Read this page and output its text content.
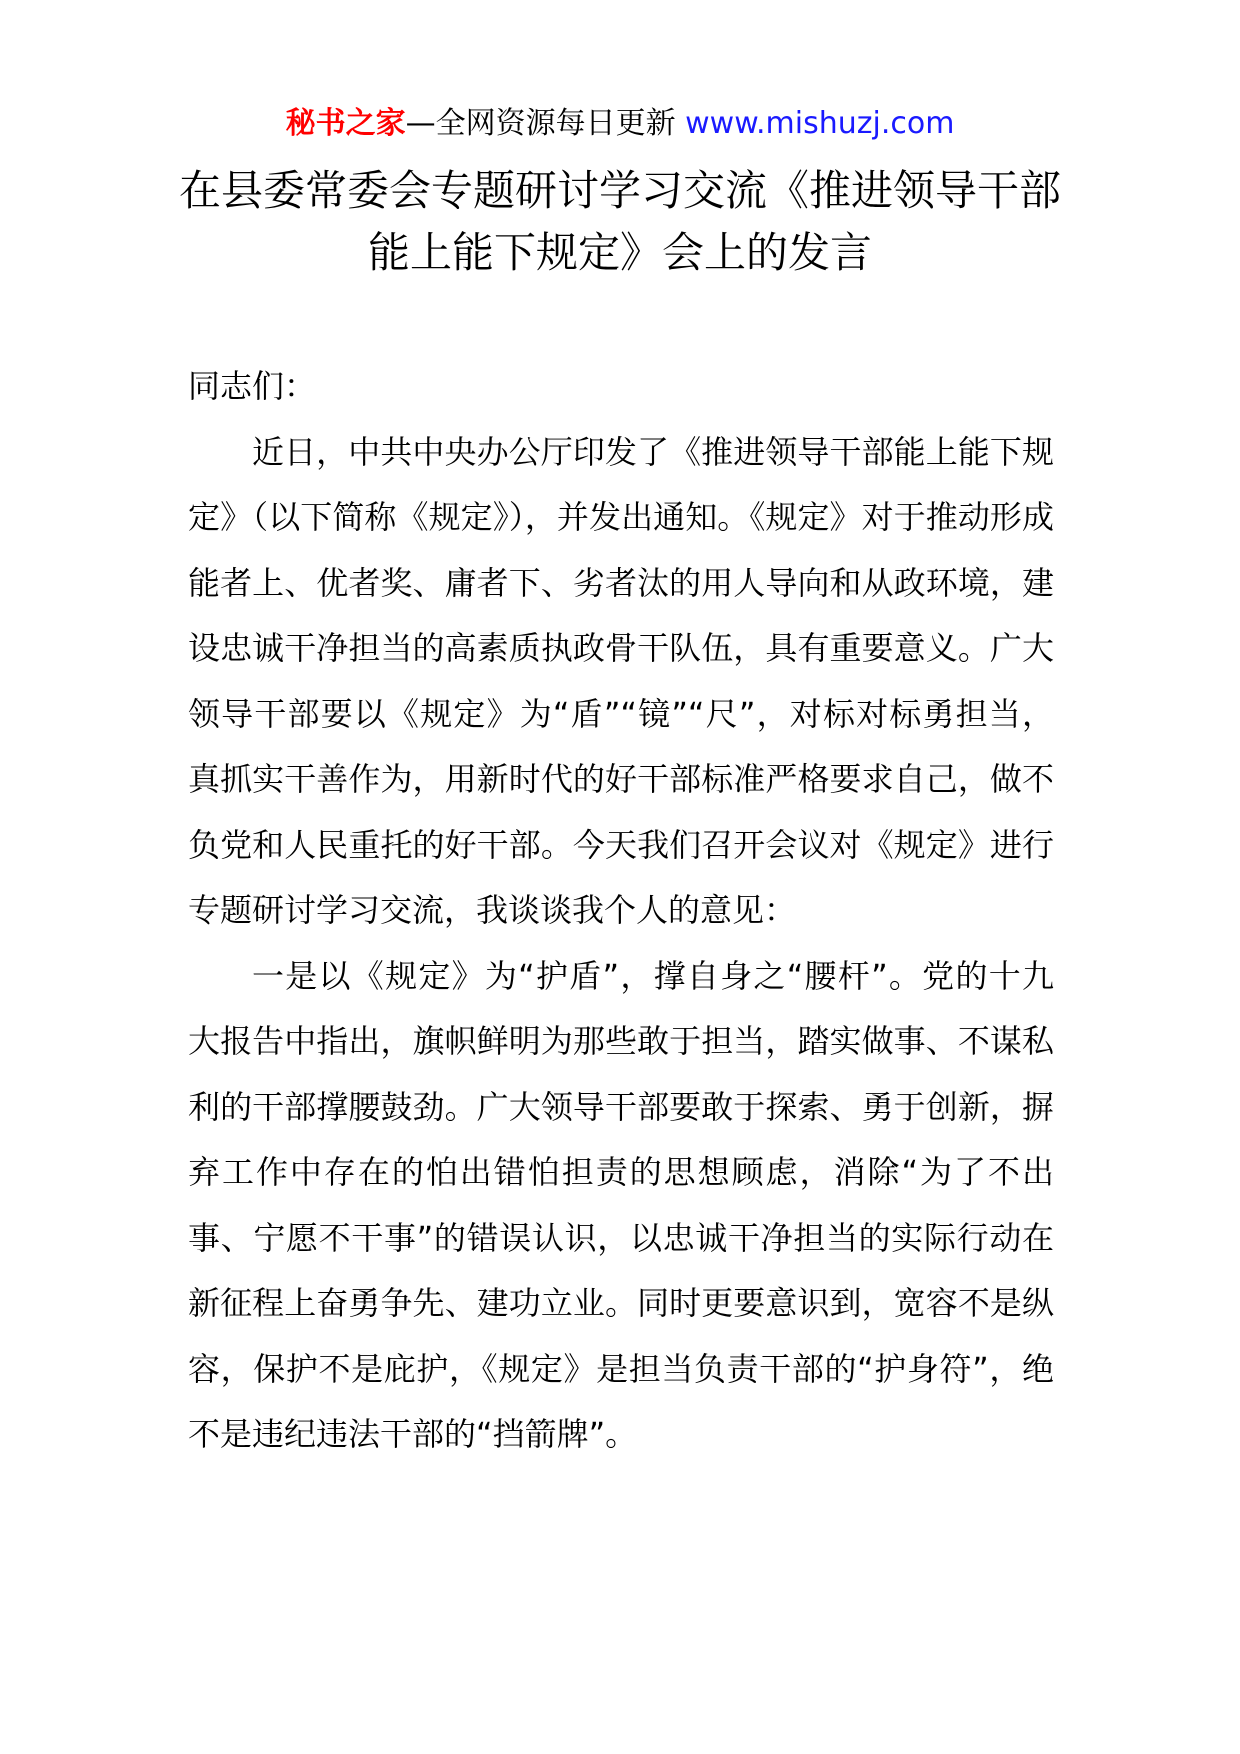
秘书之家—全网资源每日更新 www.mishuzj.com
在县委常委会专题研讨学习交流《推进领导干部能上能下规定》会上的发言

同志们：

近日，中共中央办公厅印发了《推进领导干部能上能下规定》（以下简称《规定》），并发出通知。《规定》对于推动形成能者上、优者奖、庸者下、劣者汰的用人导向和从政环境，建设忠诚干净担当的高素质执政骨干队伍，具有重要意义。广大领导干部要以《规定》为“盾”“镜”“尺”，对标对标勇担当，真抓实干善作为，用新时代的好干部标准严格要求自己，做不负党和人民重托的好干部。今天我们召开会议对《规定》进行专题研讨学习交流，我谈谈我个人的意见：

一是以《规定》为“护盾”，撑自身之“腰杆”。党的十九大报告中指出，旗帜鲜明为那些敢于担当，踏实做事、不谋私利的干部撑腰鼓劲。广大领导干部要敢于探索、勇于创新，摒弃工作中存在的怕出错怕担责的思想顾虑，消除“为了不出事、宁愿不干事”的错误认识，以忠诚干净担当的实际行动在新征程上奋勇争先、建功立业。同时更要意识到，宽容不是纵容，保护不是庇护，《规定》是担当负责干部的“护身符”，绝不是违纪违法干部的“挡箭牌”。
